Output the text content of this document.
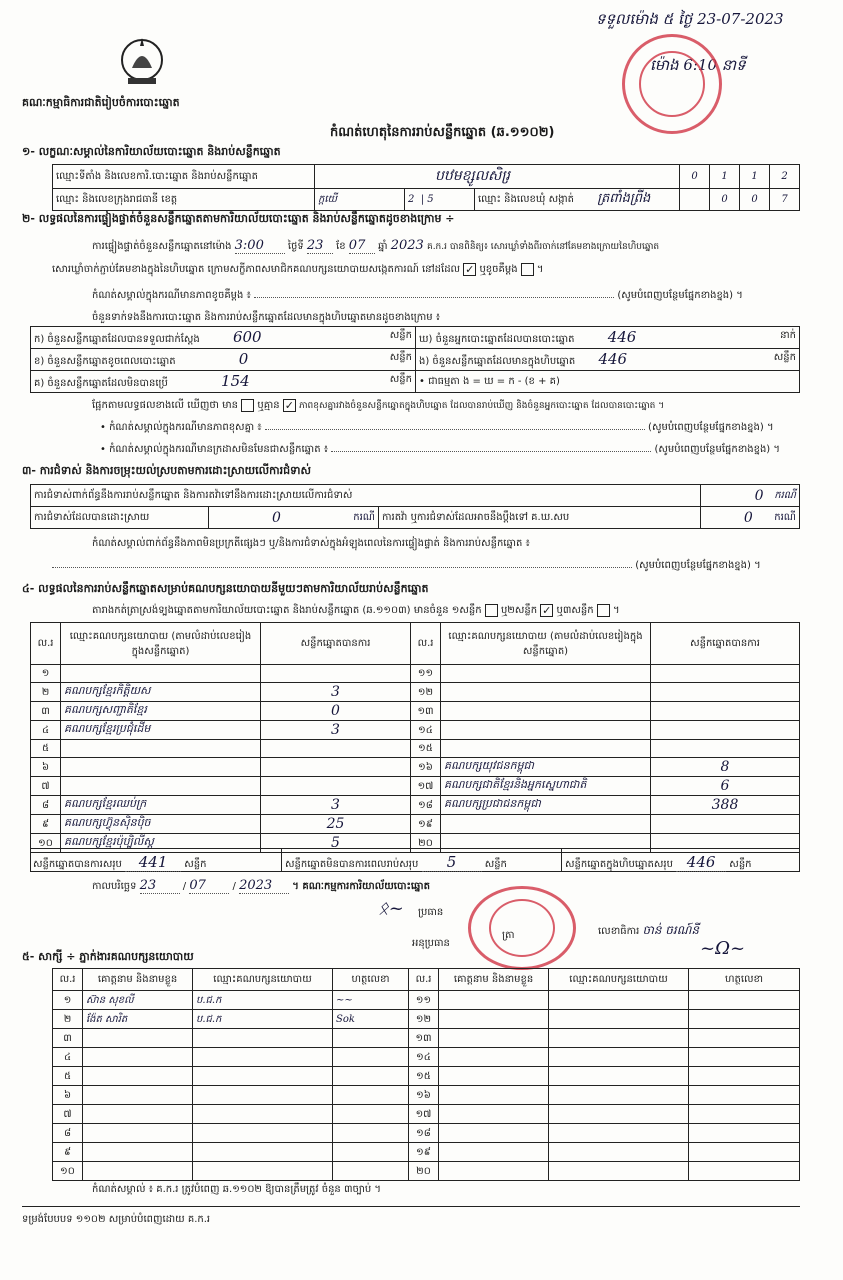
ទទួលម៉ោង ៥ ថ្ងៃ 23-07-2023
ម៉ោង 6:10 នាទី
គណៈកម្មាធិការជាតិរៀបចំការបោះឆ្នោត
កំណត់ហេតុនៃការរាប់សន្លឹកឆ្នោត (ឆ.១១០២)
១- លក្ខណៈសម្គាល់នៃការិយាល័យបោះឆ្នោត និងរាប់សន្លឹកឆ្នោត
ឈ្មោះទីតាំង និងលេខការិ.បោះឆ្នោត និងរាប់សន្លឹកឆ្នោត	បឋមខ្សូលសិរ្រ			0	1	1	2
ឈ្មោះ និងលេខក្រុងរាជធានី ខេត្ត	ក្ពយើ	2  | 5	ឈ្មោះ និងលេខឃុំ សង្កាត់ ត្រពាំងព្រីង		0	0	7
២- លទ្ធផលនៃការផ្ទៀងផ្ទាត់ចំនួនសន្លឹកឆ្នោតតាមការិយាល័យបោះឆ្នោត និងរាប់សន្លឹកឆ្នោតដូចខាងក្រោម ÷
ការផ្ទៀងផ្ទាត់ចំនួនសន្លឹកឆ្នោតនៅម៉ោង 3:00 ថ្ងៃទី 23 ខែ 07 ឆ្នាំ 2023 គ.ក.រ បានពិនិត្យ៖ សោរឃ្លាំទាំងពីរចាក់នៅគែមខាងក្រោយនៃហិបឆ្នោត
សោរឃ្លាំចាក់ភ្ជាប់គែមខាងក្នុងនៃហិបឆ្នោត ក្រោមសក្ខីភាពសមាជិកគណបក្សនយោបាយសង្កេតការណ៍ នៅដដែល ✓ ឬខូចគឺម្ដង  ។
កំណត់សម្គាល់ក្នុងករណីមានភាពខូចគឺម្ដង ៖	(សូមបំពេញបន្ថែមផ្នែកខាងខ្នង) ។
ចំនួនទាក់ទងនឹងការបោះឆ្នោត និងការរាប់សន្លឹកឆ្នោតដែលមានក្នុងហិបឆ្នោតមានដូចខាងក្រោម ៖
ក) ចំនួនសន្លឹកឆ្នោតដែលបានទទួលជាក់ស្តែង 600 សន្លឹក	ឃ) ចំនួនអ្នកបោះឆ្នោតដែលបានបោះឆ្នោត 446 នាក់

ខ) ចំនួនសន្លឹកឆ្នោតខូចពេលបោះឆ្នោត 0 សន្លឹក	ង) ចំនួនសន្លឹកឆ្នោតដែលមានក្នុងហិបឆ្នោត 446 សន្លឹក

គ) ចំនួនសន្លឹកឆ្នោតដែលមិនបានប្រើ 154 សន្លឹក	• ជាធម្មតា ង = ឃ = ក - (ខ + គ)
ផ្អែកតាមលទ្ធផលខាងលើ ឃើញថា មាន ឬគ្មាន ✓ ភាពខុសគ្នារវាងចំនួនសន្លឹកឆ្នោតក្នុងហិបឆ្នោត ដែលបានរាប់ឃើញ និងចំនួនអ្នកបោះឆ្នោត ដែលបានបោះឆ្នោត ។
• កំណត់សម្គាល់ក្នុងករណីមានភាពខុសគ្នា ៖	(សូមបំពេញបន្ថែមផ្នែកខាងខ្នង) ។
• កំណត់សម្គាល់ក្នុងករណីមានក្រដាសមិនមែនជាសន្លឹកឆ្នោត ៖	(សូមបំពេញបន្ថែមផ្នែកខាងខ្នង) ។
៣- ការជំទាស់ និងការចម្រុះយល់ស្របតាមការដោះស្រាយលើការជំទាស់
ការជំទាស់ពាក់ព័ន្ធនឹងការរាប់សន្លឹកឆ្នោត និងការតវ៉ាទៅនឹងការដោះស្រាយលើការជំទាស់			0 ករណី

ការជំទាស់ដែលបានដោះស្រាយ	0 ករណី	ការតវ៉ា ឬការជំទាស់ដែលអាចនឹងប្ដឹងទៅ គ.ឃ.សប	0 ករណី
កំណត់សម្គាល់ពាក់ព័ន្ធនឹងភាពមិនប្រក្រតីផ្សេងៗ ឬ/និងការជំទាស់ក្នុងអំឡុងពេលនៃការផ្ទៀងផ្ទាត់ និងការរាប់សន្លឹកឆ្នោត ៖
(សូមបំពេញបន្ថែមផ្នែកខាងខ្នង) ។
៤- លទ្ធផលនៃការរាប់សន្លឹកឆ្នោតសម្រាប់គណបក្សនយោបាយនីមួយៗតាមការិយាល័យរាប់សន្លឹកឆ្នោត
តារាងកត់ត្រាស្រង់ទ្បងឆ្នោតតាមការិយាល័យបោះឆ្នោត និងរាប់សន្លឹកឆ្នោត (ឆ.១១០៣) មានចំនួន ១សន្លឹក ឬ២សន្លឹក ✓ ឬ៣សន្លឹក  ។
ល.រ	ឈ្មោះគណបក្សនយោបាយ (តាមលំដាប់លេខរៀងក្នុងសន្លឹកឆ្នោត)	សន្លឹកឆ្នោតបានការ	ល.រ	ឈ្មោះគណបក្សនយោបាយ (តាមលំដាប់លេខរៀងក្នុងសន្លឹកឆ្នោត)	សន្លឹកឆ្នោតបានការ
១			១១		
២	គណបក្សខ្មែរកិត្តិយស	3	១២		
៣	គណបក្សសញ្ជាតិខ្មែរ	0	១៣		
៤	គណបក្សខ្មែរប្រជុំដើម	3	១៤		
៥			១៥		
៦			១៦	គណបក្សយុវជនកម្ពុជា	8
៧			១៧	គណបក្សជាតិខ្មែរនិងអ្នកស្នេហាជាតិ	6
៨	គណបក្សខ្មែរឈប់ក្រ	3	១៨	គណបក្សប្រជាជនកម្ពុជា	388
៩	គណបក្សហ៊្វុនស៊ិនប៉ិច	25	១៩		
១០	គណបក្សខ្មែរប៉ុប្បិលីស្ត	5	២០		
សន្លឹកឆ្នោតបានការសរុប 441 សន្លឹក	សន្លឹកឆ្នោតមិនបានការពេលរាប់សរុប 5	សន្លឹក	សន្លឹកឆ្នោតក្នុងហិបឆ្នោតសរុប 446 សន្លឹក
កាលបរិច្ឆេទ 23 / 07 / 2023 ។ គណៈកម្មការការិយាល័យបោះឆ្នោត
ᛟ~ ប្រធាន
អនុប្រធាន
ត្រា	លេខាធិការ ចាន់ ចរណ៍នី
~Ω~
៥- សាក្សី ÷ ភ្នាក់ងារគណបក្សនយោបាយ
ល.រ	គោត្តនាម និងនាមខ្លួន	ឈ្មោះគណបក្សនយោបាយ	ហត្ថលេខា	ល.រ	គោត្តនាម និងនាមខ្លួន	ឈ្មោះគណបក្សនយោបាយ	ហត្ថលេខា
១	ស៊ាន សុខលី	ប.ជ.ក	~~	១១			
២	ង៉ែត សារិត	ប.ជ.ក	Sok	១២			
៣				១៣			
៤				១៤			
៥				១៥			
៦				១៦			
៧				១៧			
៨				១៨			
៩				១៩			
១០				២០			
កំណត់សម្គាល់ ៖ គ.ក.រ ត្រូវបំពេញ ឆ.១១០២ ឱ្យបានត្រឹមត្រូវ ចំនួន ៣ច្បាប់ ។
ទម្រង់បែបបទ ១១០២ សម្រាប់បំពេញដោយ គ.ក.រ
